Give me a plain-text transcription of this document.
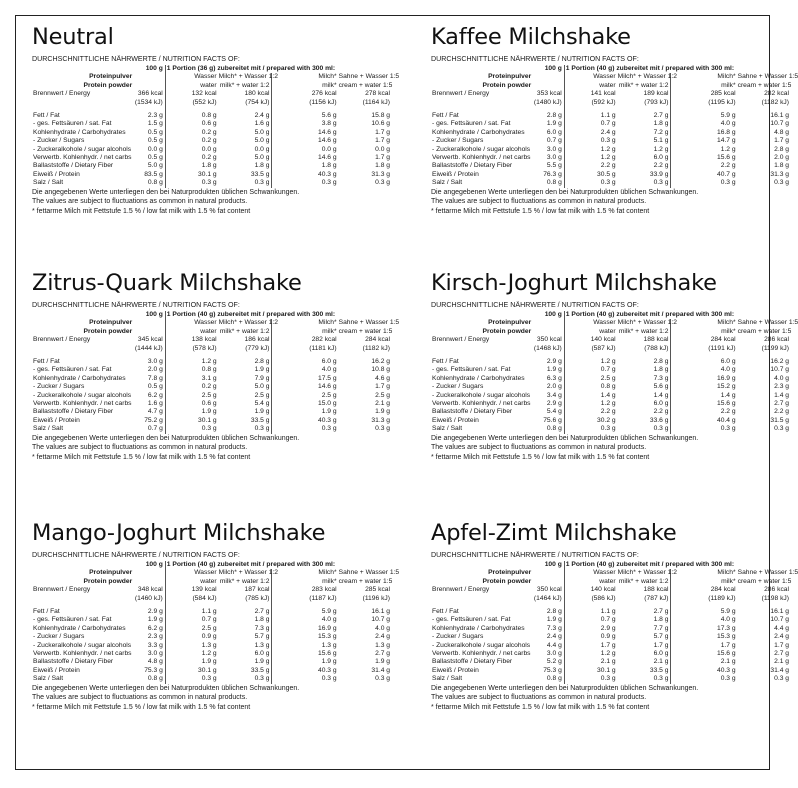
Neutral
DURCHSCHNITTLICHE NÄHRWERTE / NUTRITION FACTS OF:
	100 g	1 Portion (36 g) zubereitet mit / prepared with 300 ml:			
Proteinpulver		Wasser	Milch* + Wasser 1:2	Milch*	Sahne + Wasser 1:5
Protein powder		water	milk* + water 1:2	milk*	cream + water 1:5
Brennwert / Energy	366 kcal	132 kcal	180 kcal	276 kcal	278 kcal
	(1534 kJ)	(552 kJ)	(754 kJ)	(1156 kJ)	(1164 kJ)

Fett / Fat	2.3 g	0.8 g	2.4 g	5.6 g	15.8 g
- ges. Fettsäuren / sat. Fat	1.5 g	0.6 g	1.6 g	3.8 g	10.6 g
Kohlenhydrate / Carbohydrates	0.5 g	0.2 g	5.0 g	14.6 g	1.7 g
- Zucker / Sugars	0.5 g	0.2 g	5.0 g	14.6 g	1.7 g
- Zuckeralkohole / sugar alcohols	0.0 g	0.0 g	0.0 g	0.0 g	0.0 g
Verwertb. Kohlenhydr. / net carbs	0.5 g	0.2 g	5.0 g	14.6 g	1.7 g
Ballaststoffe / Dietary Fiber	5.0 g	1.8 g	1.8 g	1.8 g	1.8 g
Eiweiß / Protein	83.5 g	30.1 g	33.5 g	40.3 g	31.3 g
Salz / Salt	0.8 g	0.3 g	0.3 g	0.3 g	0.3 g
Die angegebenen Werte unterliegen den bei Naturprodukten üblichen Schwankungen.
The values are subject to fluctuations as common in natural products.
* fettarme Milch mit Fettstufe 1.5 % / low fat milk with 1.5 % fat content
Kaffee Milchshake
DURCHSCHNITTLICHE NÄHRWERTE / NUTRITION FACTS OF:
	100 g	1 Portion (40 g) zubereitet mit / prepared with 300 ml:			
Proteinpulver		Wasser	Milch* + Wasser 1:2	Milch*	Sahne + Wasser 1:5
Protein powder		water	milk* + water 1:2	milk*	cream + water 1:5
Brennwert / Energy	353 kcal	141 kcal	189 kcal	285 kcal	282 kcal
	(1480 kJ)	(592 kJ)	(793 kJ)	(1195 kJ)	(1182 kJ)

Fett / Fat	2.8 g	1.1 g	2.7 g	5.9 g	16.1 g
- ges. Fettsäuren / sat. Fat	1.9 g	0.7 g	1.8 g	4.0 g	10.7 g
Kohlenhydrate / Carbohydrates	6.0 g	2.4 g	7.2 g	16.8 g	4.8 g
- Zucker / Sugars	0.7 g	0.3 g	5.1 g	14.7 g	1.7 g
- Zuckeralkohole / sugar alcohols	3.0 g	1.2 g	1.2 g	1.2 g	2.8 g
Verwertb. Kohlenhydr. / net carbs	3.0 g	1.2 g	6.0 g	15.6 g	2.0 g
Ballaststoffe / Dietary Fiber	5.5 g	2.2 g	2.2 g	2.2 g	1.8 g
Eiweiß / Protein	76.3 g	30.5 g	33.9 g	40.7 g	31.3 g
Salz / Salt	0.8 g	0.3 g	0.3 g	0.3 g	0.3 g
Die angegebenen Werte unterliegen den bei Naturprodukten üblichen Schwankungen.
The values are subject to fluctuations as common in natural products.
* fettarme Milch mit Fettstufe 1.5 % / low fat milk with 1.5 % fat content
Zitrus-Quark Milchshake
DURCHSCHNITTLICHE NÄHRWERTE / NUTRITION FACTS OF:
	100 g	1 Portion (40 g) zubereitet mit / prepared with 300 ml:			
Proteinpulver		Wasser	Milch* + Wasser 1:2	Milch*	Sahne + Wasser 1:5
Protein powder		water	milk* + water 1:2	milk*	cream + water 1:5
Brennwert / Energy	345 kcal	138 kcal	186 kcal	282 kcal	284 kcal
	(1444 kJ)	(578 kJ)	(779 kJ)	(1181 kJ)	(1182 kJ)

Fett / Fat	3.0 g	1.2 g	2.8 g	6.0 g	16.2 g
- ges. Fettsäuren / sat. Fat	2.0 g	0.8 g	1.9 g	4.0 g	10.8 g
Kohlenhydrate / Carbohydrates	7.8 g	3.1 g	7.9 g	17.5 g	4.6 g
- Zucker / Sugars	0.5 g	0.2 g	5.0 g	14.6 g	1.7 g
- Zuckeralkohole / sugar alcohols	6.2 g	2.5 g	2.5 g	2.5 g	2.5 g
Verwertb. Kohlenhydr. / net carbs	1.6 g	0.6 g	5.4 g	15.0 g	2.1 g
Ballaststoffe / Dietary Fiber	4.7 g	1.9 g	1.9 g	1.9 g	1.9 g
Eiweiß / Protein	75.2 g	30.1 g	33.5 g	40.3 g	31.3 g
Salz / Salt	0.7 g	0.3 g	0.3 g	0.3 g	0.3 g
Die angegebenen Werte unterliegen den bei Naturprodukten üblichen Schwankungen.
The values are subject to fluctuations as common in natural products.
* fettarme Milch mit Fettstufe 1.5 % / low fat milk with 1.5 % fat content
Kirsch-Joghurt Milchshake
DURCHSCHNITTLICHE NÄHRWERTE / NUTRITION FACTS OF:
	100 g	1 Portion (40 g) zubereitet mit / prepared with 300 ml:			
Proteinpulver		Wasser	Milch* + Wasser 1:2	Milch*	Sahne + Wasser 1:5
Protein powder		water	milk* + water 1:2	milk*	cream + water 1:5
Brennwert / Energy	350 kcal	140 kcal	188 kcal	284 kcal	286 kcal
	(1468 kJ)	(587 kJ)	(788 kJ)	(1191 kJ)	(1199 kJ)

Fett / Fat	2.9 g	1.2 g	2.8 g	6.0 g	16.2 g
- ges. Fettsäuren / sat. Fat	1.9 g	0.7 g	1.8 g	4.0 g	10.7 g
Kohlenhydrate / Carbohydrates	6.3 g	2.5 g	7.3 g	16.9 g	4.0 g
- Zucker / Sugars	2.0 g	0.8 g	5.6 g	15.2 g	2.3 g
- Zuckeralkohole / sugar alcohols	3.4 g	1.4 g	1.4 g	1.4 g	1.4 g
Verwertb. Kohlenhydr. / net carbs	2.9 g	1.2 g	6.0 g	15.6 g	2.7 g
Ballaststoffe / Dietary Fiber	5.4 g	2.2 g	2.2 g	2.2 g	2.2 g
Eiweiß / Protein	75.6 g	30.2 g	33.6 g	40.4 g	31.5 g
Salz / Salt	0.8 g	0.3 g	0.3 g	0.3 g	0.3 g
Die angegebenen Werte unterliegen den bei Naturprodukten üblichen Schwankungen.
The values are subject to fluctuations as common in natural products.
* fettarme Milch mit Fettstufe 1.5 % / low fat milk with 1.5 % fat content
Mango-Joghurt Milchshake
DURCHSCHNITTLICHE NÄHRWERTE / NUTRITION FACTS OF:
	100 g	1 Portion (40 g) zubereitet mit / prepared with 300 ml:			
Proteinpulver		Wasser	Milch* + Wasser 1:2	Milch*	Sahne + Wasser 1:5
Protein powder		water	milk* + water 1:2	milk*	cream + water 1:5
Brennwert / Energy	348 kcal	139 kcal	187 kcal	283 kcal	285 kcal
	(1460 kJ)	(584 kJ)	(785 kJ)	(1187 kJ)	(1196 kJ)

Fett / Fat	2.9 g	1.1 g	2.7 g	5.9 g	16.1 g
- ges. Fettsäuren / sat. Fat	1.9 g	0.7 g	1.8 g	4.0 g	10.7 g
Kohlenhydrate / Carbohydrates	6.2 g	2.5 g	7.3 g	16.9 g	4.0 g
- Zucker / Sugars	2.3 g	0.9 g	5.7 g	15.3 g	2.4 g
- Zuckeralkohole / sugar alcohols	3.3 g	1.3 g	1.3 g	1.3 g	1.3 g
Verwertb. Kohlenhydr. / net carbs	3.0 g	1.2 g	6.0 g	15.6 g	2.7 g
Ballaststoffe / Dietary Fiber	4.8 g	1.9 g	1.9 g	1.9 g	1.9 g
Eiweiß / Protein	75.3 g	30.1 g	33.5 g	40.3 g	31.4 g
Salz / Salt	0.8 g	0.3 g	0.3 g	0.3 g	0.3 g
Die angegebenen Werte unterliegen den bei Naturprodukten üblichen Schwankungen.
The values are subject to fluctuations as common in natural products.
* fettarme Milch mit Fettstufe 1.5 % / low fat milk with 1.5 % fat content
Apfel-Zimt Milchshake
DURCHSCHNITTLICHE NÄHRWERTE / NUTRITION FACTS OF:
	100 g	1 Portion (40 g) zubereitet mit / prepared with 300 ml:			
Proteinpulver		Wasser	Milch* + Wasser 1:2	Milch*	Sahne + Wasser 1:5
Protein powder		water	milk* + water 1:2	milk*	cream + water 1:5
Brennwert / Energy	350 kcal	140 kcal	188 kcal	284 kcal	286 kcal
	(1464 kJ)	(586 kJ)	(787 kJ)	(1189 kJ)	(1198 kJ)

Fett / Fat	2.8 g	1.1 g	2.7 g	5.9 g	16.1 g
- ges. Fettsäuren / sat. Fat	1.9 g	0.7 g	1.8 g	4.0 g	10.7 g
Kohlenhydrate / Carbohydrates	7.3 g	2.9 g	7.7 g	17.3 g	4.4 g
- Zucker / Sugars	2.4 g	0.9 g	5.7 g	15.3 g	2.4 g
- Zuckeralkohole / sugar alcohols	4.4 g	1.7 g	1.7 g	1.7 g	1.7 g
Verwertb. Kohlenhydr. / net carbs	3.0 g	1.2 g	6.0 g	15.6 g	2.7 g
Ballaststoffe / Dietary Fiber	5.2 g	2.1 g	2.1 g	2.1 g	2.1 g
Eiweiß / Protein	75.3 g	30.1 g	33.5 g	40.3 g	31.4 g
Salz / Salt	0.8 g	0.3 g	0.3 g	0.3 g	0.3 g
Die angegebenen Werte unterliegen den bei Naturprodukten üblichen Schwankungen.
The values are subject to fluctuations as common in natural products.
* fettarme Milch mit Fettstufe 1.5 % / low fat milk with 1.5 % fat content
